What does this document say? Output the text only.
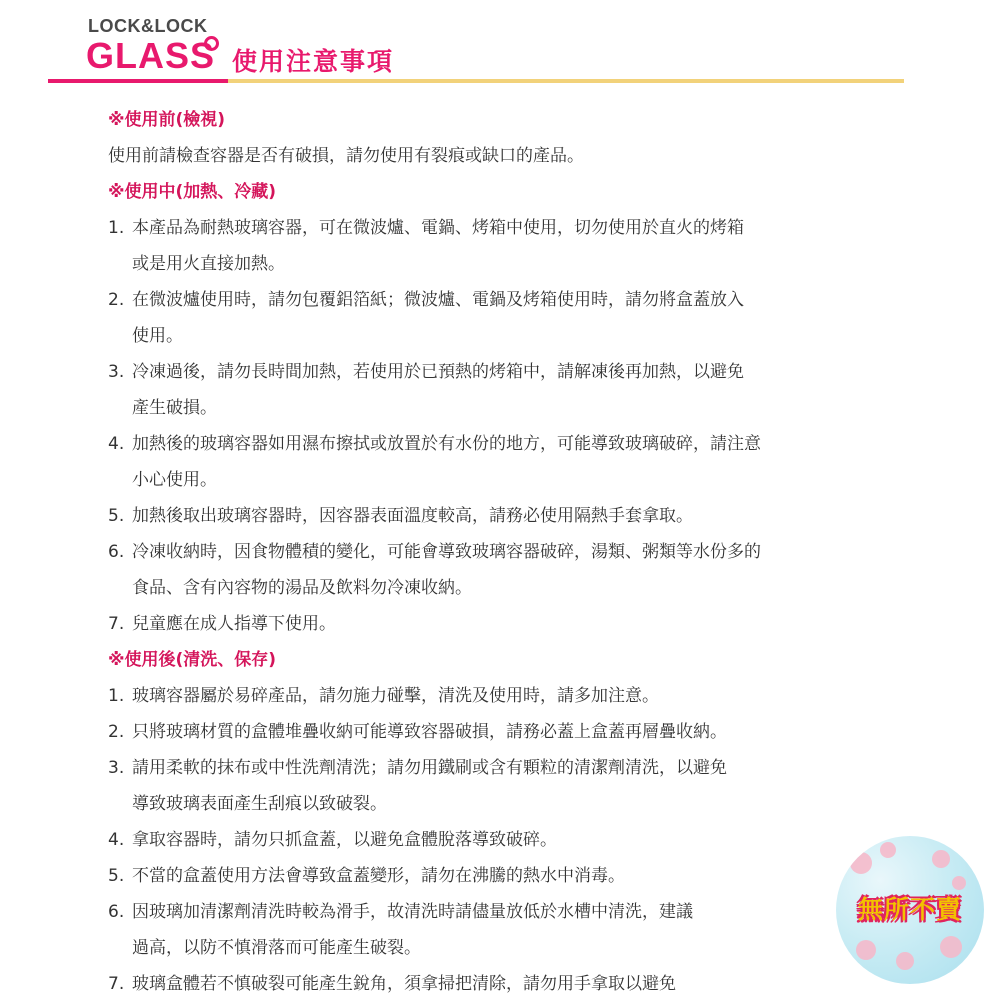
LOCK&LOCK
GLASS 使用注意事項
※使用前(檢視)
使用前請檢查容器是否有破損，請勿使用有裂痕或缺口的產品。
※使用中(加熱、冷藏)
1. 本產品為耐熱玻璃容器，可在微波爐、電鍋、烤箱中使用，切勿使用於直火的烤箱
或是用火直接加熱。
2. 在微波爐使用時，請勿包覆鋁箔紙；微波爐、電鍋及烤箱使用時，請勿將盒蓋放入
使用。
3. 冷凍過後，請勿長時間加熱，若使用於已預熱的烤箱中，請解凍後再加熱，以避免
產生破損。
4. 加熱後的玻璃容器如用濕布擦拭或放置於有水份的地方，可能導致玻璃破碎，請注意
小心使用。
5. 加熱後取出玻璃容器時，因容器表面溫度較高，請務必使用隔熱手套拿取。
6. 冷凍收納時，因食物體積的變化，可能會導致玻璃容器破碎，湯類、粥類等水份多的
食品、含有內容物的湯品及飲料勿冷凍收納。
7. 兒童應在成人指導下使用。
※使用後(清洗、保存)
1. 玻璃容器屬於易碎產品，請勿施力碰擊，清洗及使用時，請多加注意。
2. 只將玻璃材質的盒體堆疊收納可能導致容器破損，請務必蓋上盒蓋再層疊收納。
3. 請用柔軟的抹布或中性洗劑清洗；請勿用鐵刷或含有顆粒的清潔劑清洗，以避免
導致玻璃表面產生刮痕以致破裂。
4. 拿取容器時，請勿只抓盒蓋，以避免盒體脫落導致破碎。
5. 不當的盒蓋使用方法會導致盒蓋變形，請勿在沸騰的熱水中消毒。
6. 因玻璃加清潔劑清洗時較為滑手，故清洗時請儘量放低於水槽中清洗，建議
過高，以防不慎滑落而可能產生破裂。
7. 玻璃盒體若不慎破裂可能產生銳角，須拿掃把清除，請勿用手拿取以避免
無所不賣
